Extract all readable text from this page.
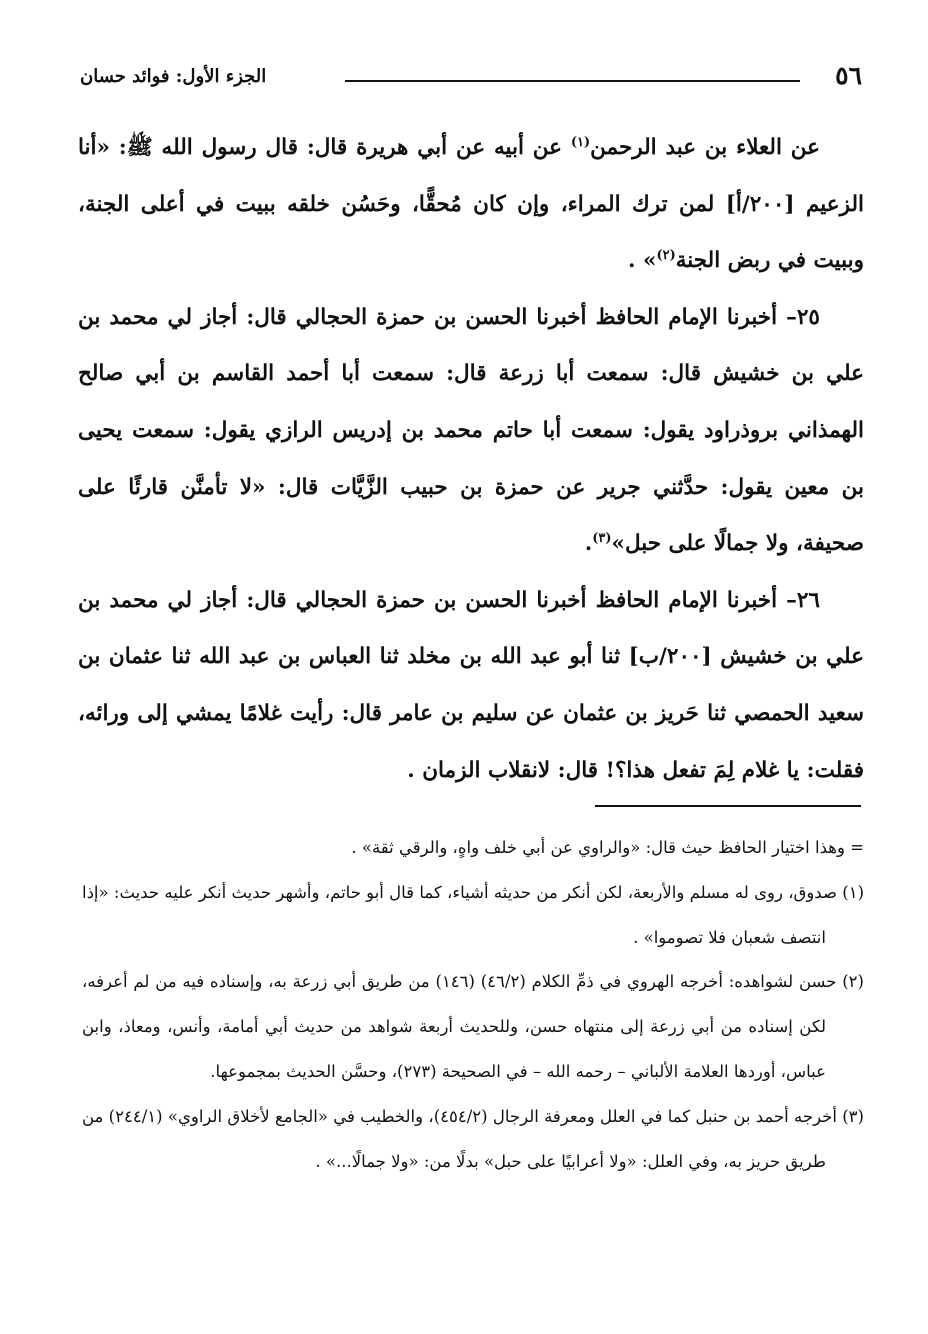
٥٦
الجزء الأول: فوائد حسان

عن العلاء بن عبد الرحمن$^{(١)}$ عن أبيه عن أبي هريرة قال: قال رسول الله ﷺ: «أنا الزعيم [٢٠٠/أ] لمن ترك المراء، وإن كان مُحقًّا، وحَسُن خلقه ببيت في أعلى الجنة، وببيت في ربض الجنة$^{(٢)}$» .

٢٥– أخبرنا الإمام الحافظ أخبرنا الحسن بن حمزة الحجالي قال: أجاز لي محمد بن علي بن خشيش قال: سمعت أبا زرعة قال: سمعت أبا أحمد القاسم بن أبي صالح الهمذاني بروذراود يقول: سمعت أبا حاتم محمد بن إدريس الرازي يقول: سمعت يحيى بن معين يقول: حدَّثني جرير عن حمزة بن حبيب الزَّيَّات قال: «لا تأمنَّن قارئًا على صحيفة، ولا جمالًا على حبل»$^{(٣)}$.

٢٦– أخبرنا الإمام الحافظ أخبرنا الحسن بن حمزة الحجالي قال: أجاز لي محمد بن علي بن خشيش [٢٠٠/ب] ثنا أبو عبد الله بن مخلد ثنا العباس بن عبد الله ثنا عثمان بن سعيد الحمصي ثنا حَريز بن عثمان عن سليم بن عامر قال: رأيت غلامًا يمشي إلى ورائه، فقلت: يا غلام لِمَ تفعل هذا؟! قال: لانقلاب الزمان .

= وهذا اختيار الحافظ حيث قال: «والراوي عن أبي خلف واهٍ، والرقي ثقة» .

(١) صدوق، روى له مسلم والأربعة، لكن أنكر من حديثه أشياء، كما قال أبو حاتم، وأشهر حديث أنكر عليه حديث: «إذا انتصف شعبان فلا تصوموا» .

(٢) حسن لشواهده: أخرجه الهروي في ذمِّ الكلام (٤٦/٢) (١٤٦) من طريق أبي زرعة به، وإسناده فيه من لم أعرفه، لكن إسناده من أبي زرعة إلى منتهاه حسن، وللحديث أربعة شواهد من حديث أبي أمامة، وأنس، ومعاذ، وابن عباس، أوردها العلامة الألباني – رحمه الله – في الصحيحة (٢٧٣)، وحسَّن الحديث بمجموعها.

(٣) أخرجه أحمد بن حنبل كما في العلل ومعرفة الرجال (٤٥٤/٢)، والخطيب في «الجامع لأخلاق الراوي» (٢٤٤/١) من طريق حريز به، وفي العلل: «ولا أعرابيًا على حبل» بدلًا من: «ولا جمالًا...» .
